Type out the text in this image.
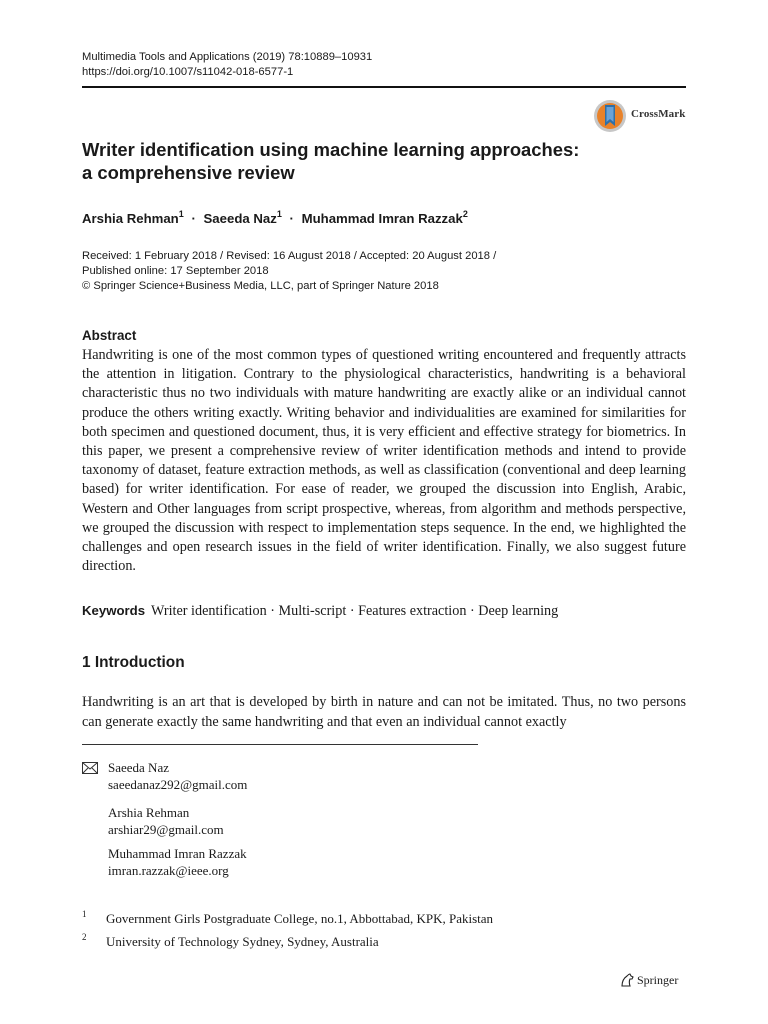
Multimedia Tools and Applications (2019) 78:10889–10931
https://doi.org/10.1007/s11042-018-6577-1
CrossMark
Writer identification using machine learning approaches:
a comprehensive review
Arshia Rehman$^1$ · Saeeda Naz$^1$ · Muhammad Imran Razzak$^2$
Received: 1 February 2018 / Revised: 16 August 2018 / Accepted: 20 August 2018 /
Published online: 17 September 2018
© Springer Science+Business Media, LLC, part of Springer Nature 2018
Abstract
Handwriting is one of the most common types of questioned writing encountered and frequently attracts the attention in litigation. Contrary to the physiological characteristics, handwriting is a behavioral characteristic thus no two individuals with mature handwriting are exactly alike or an individual cannot produce the others writing exactly. Writing behavior and individualities are examined for similarities for both specimen and questioned document, thus, it is very efficient and effective strategy for biometrics. In this paper, we present a comprehensive review of writer identification methods and intend to provide taxonomy of dataset, feature extraction methods, as well as classification (conventional and deep learning based) for writer identification. For ease of reader, we grouped the discussion into English, Arabic, Western and Other languages from script prospective, whereas, from algorithm and methods perspective, we grouped the discussion with respect to implementation steps sequence. In the end, we highlighted the challenges and open research issues in the field of writer identification. Finally, we also suggest future direction.
Keywords Writer identification · Multi-script · Features extraction · Deep learning
1 Introduction
Handwriting is an art that is developed by birth in nature and can not be imitated. Thus, no two persons can generate exactly the same handwriting and that even an individual cannot exactly
Saeeda Naz
saeedanaz292@gmail.com
Arshia Rehman
arshiar29@gmail.com
Muhammad Imran Razzak
imran.razzak@ieee.org
1 Government Girls Postgraduate College, no.1, Abbottabad, KPK, Pakistan
2 University of Technology Sydney, Sydney, Australia
Springer
